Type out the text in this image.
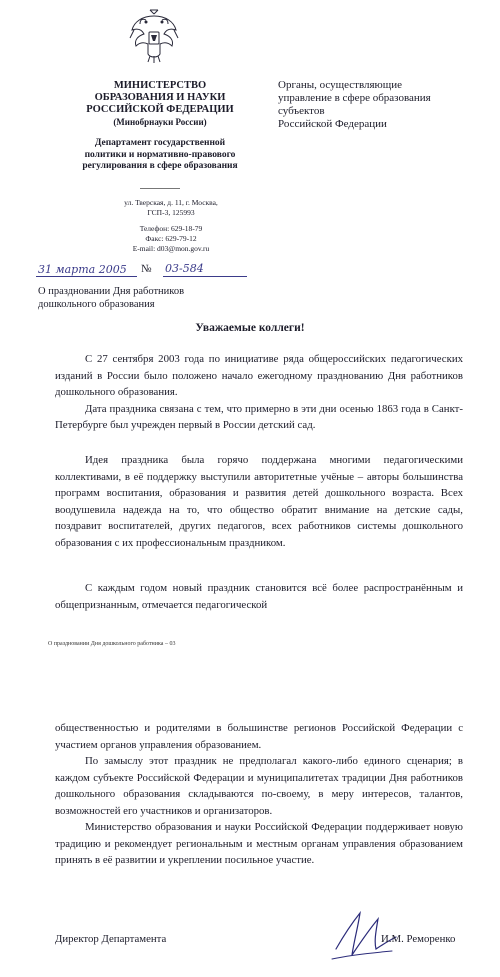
МИНИСТЕРСТВО
ОБРАЗОВАНИЯ И НАУКИ
РОССИЙСКОЙ ФЕДЕРАЦИИ
(Минобрнауки России)
Департамент государственной
политики и нормативно-правового
регулирования в сфере образования
ул. Тверская, д. 11, г. Москва,
ГСП-3, 125993
Телефон: 629-18-79
Факс: 629-79-12
E-mail: d03@mon.gov.ru
Органы, осуществляющие
управление в сфере образования
субъектов
Российской Федерации
31 марта 2005 № 03-584
О праздновании Дня работников
дошкольного образования
Уважаемые коллеги!
С 27 сентября 2003 года по инициативе ряда общероссийских педагогических изданий в России было положено начало ежегодному празднованию Дня работников дошкольного образования.
Дата праздника связана с тем, что примерно в эти дни осенью 1863 года в Санкт-Петербурге был учрежден первый в России детский сад.
Идея праздника была горячо поддержана многими педагогическими коллективами, в её поддержку выступили авторитетные учёные – авторы большинства программ воспитания, образования и развития детей дошкольного возраста. Всех воодушевила надежда на то, что общество обратит внимание на детские сады, поздравит воспитателей, других педагогов, всех работников системы дошкольного образования с их профессиональным праздником.
С каждым годом новый праздник становится всё более распространённым и общепризнанным, отмечается педагогической
О праздновании Дня дошкольного работника – 03
общественностью и родителями в большинстве регионов Российской Федерации с участием органов управления образованием.
По замыслу этот праздник не предполагал какого-либо единого сценария; в каждом субъекте Российской Федерации и муниципалитетах традиции Дня работников дошкольного образования складываются по-своему, в меру интересов, талантов, возможностей его участников и организаторов.
Министерство образования и науки Российской Федерации поддерживает новую традицию и рекомендует региональным и местным органам управления образованием принять в её развитии и укреплении посильное участие.
Директор Департамента	И.М. Реморенко
